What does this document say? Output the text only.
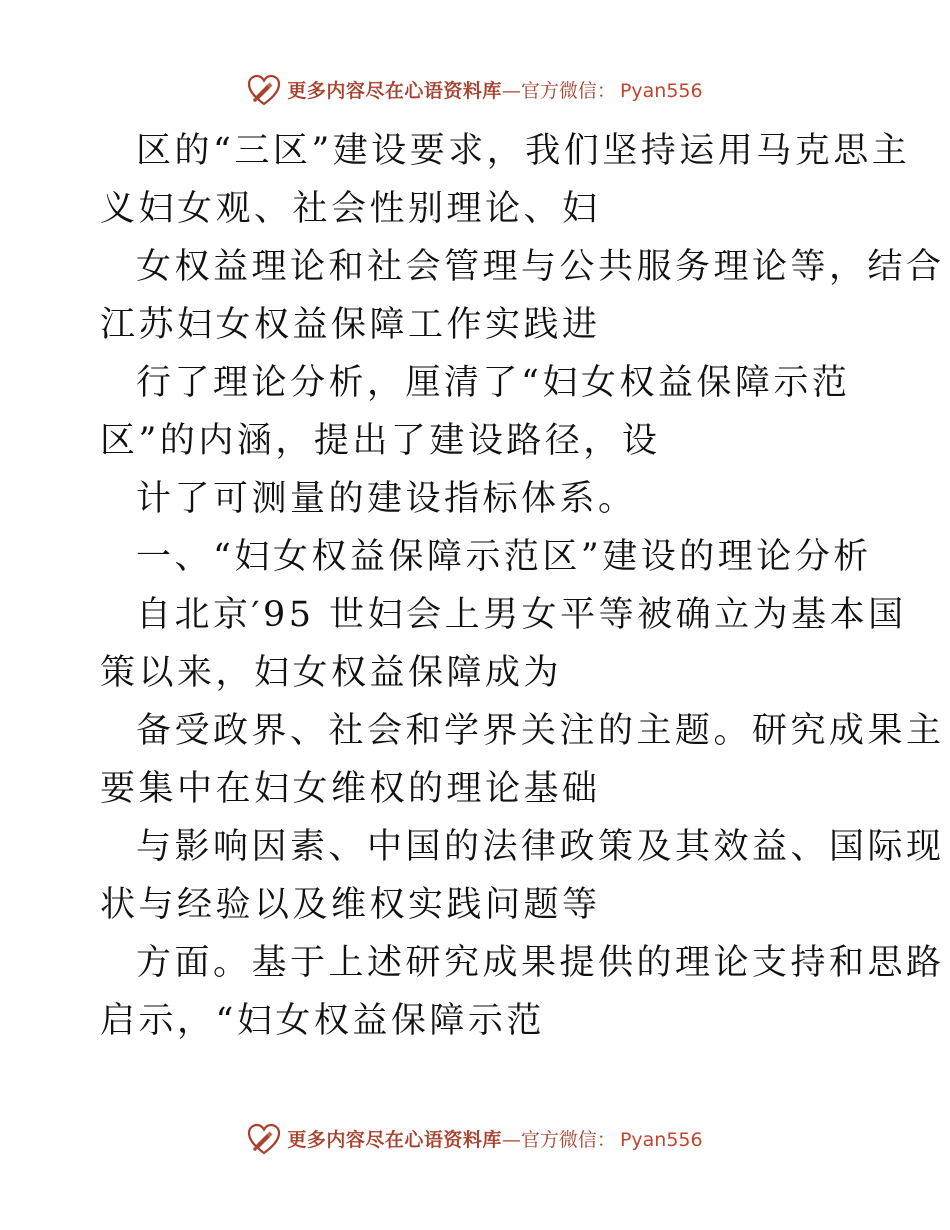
更多内容尽在心语资料库 —官方微信： Pyan556
区的“三区”建设要求，我们坚持运用马克思主
义妇女观、社会性别理论、妇
女权益理论和社会管理与公共服务理论等，结合
江苏妇女权益保障工作实践进
行了理论分析，厘清了“妇女权益保障示范
区”的内涵，提出了建设路径，设
计了可测量的建设指标体系。
一、“妇女权益保障示范区”建设的理论分析
自北京′95 世妇会上男女平等被确立为基本国
策以来，妇女权益保障成为
备受政界、社会和学界关注的主题。研究成果主
要集中在妇女维权的理论基础
与影响因素、中国的法律政策及其效益、国际现
状与经验以及维权实践问题等
方面。基于上述研究成果提供的理论支持和思路
启示，“妇女权益保障示范
更多内容尽在心语资料库 —官方微信： Pyan556
